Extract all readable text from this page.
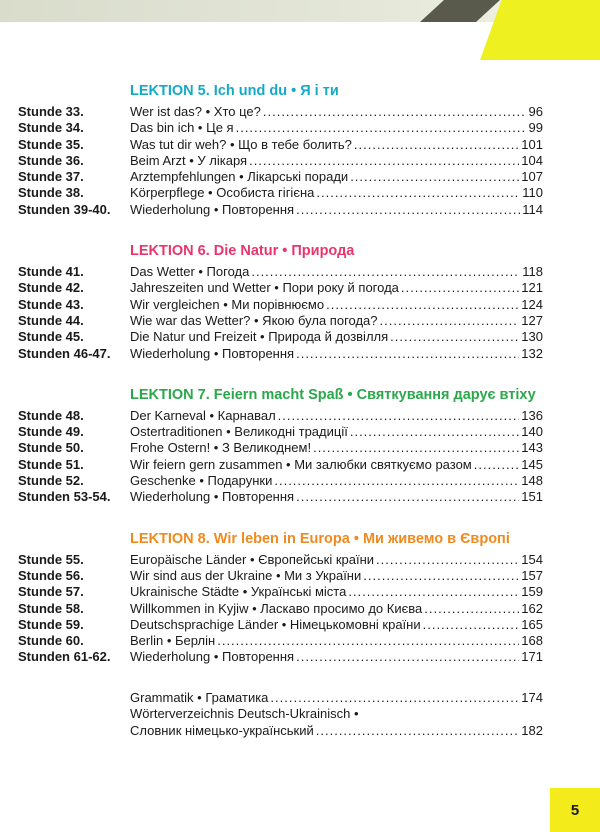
LEKTION 5. Ich und du • Я і ти
Stunde 33.	Wer ist das? • Хто це? .....	96
Stunde 34.	Das bin ich • Це я .....	99
Stunde 35.	Was tut dir weh? • Що в тебе болить? .....	101
Stunde 36.	Beim Arzt • У лікаря .....	104
Stunde 37.	Arztempfehlungen • Лікарські поради .....	107
Stunde 38.	Körperpflege • Особиста гігієна .....	110
Stunden 39-40.	Wiederholung • Повторення .....	114
LEKTION 6. Die Natur • Природа
Stunde 41.	Das Wetter • Погода .....	118
Stunde 42.	Jahreszeiten und Wetter • Пори року й погода .....	121
Stunde 43.	Wir vergleichen • Ми порівнюємо .....	124
Stunde 44.	Wie war das Wetter? • Якою була погода? .....	127
Stunde 45.	Die Natur und Freizeit • Природа й дозвілля .....	130
Stunden 46-47.	Wiederholung • Повторення .....	132
LEKTION 7. Feiern macht Spaß • Святкування дарує втіху
Stunde 48.	Der Karneval • Карнавал .....	136
Stunde 49.	Ostertraditionen • Великодні традиції .....	140
Stunde 50.	Frohe Ostern! • З Великоднем! .....	143
Stunde 51.	Wir feiern gern zusammen • Ми залюбки святкуємо разом .....	145
Stunde 52.	Geschenke • Подарунки .....	148
Stunden 53-54.	Wiederholung • Повторення .....	151
LEKTION 8. Wir leben in Europa • Ми живемо в Європі
Stunde 55.	Europäische Länder • Європейські країни .....	154
Stunde 56.	Wir sind aus der Ukraine • Ми з України .....	157
Stunde 57.	Ukrainische Städte • Українські міста .....	159
Stunde 58.	Willkommen in Kyjiw • Ласкаво просимо до Києва .....	162
Stunde 59.	Deutschsprachige Länder • Німецькомовні країни .....	165
Stunde 60.	Berlin • Берлін .....	168
Stunden 61-62.	Wiederholung • Повторення .....	171
Grammatik • Граматика .....	174
Wörterverzeichnis Deutsch-Ukrainisch •
Словник німецько-український .....	182
5
